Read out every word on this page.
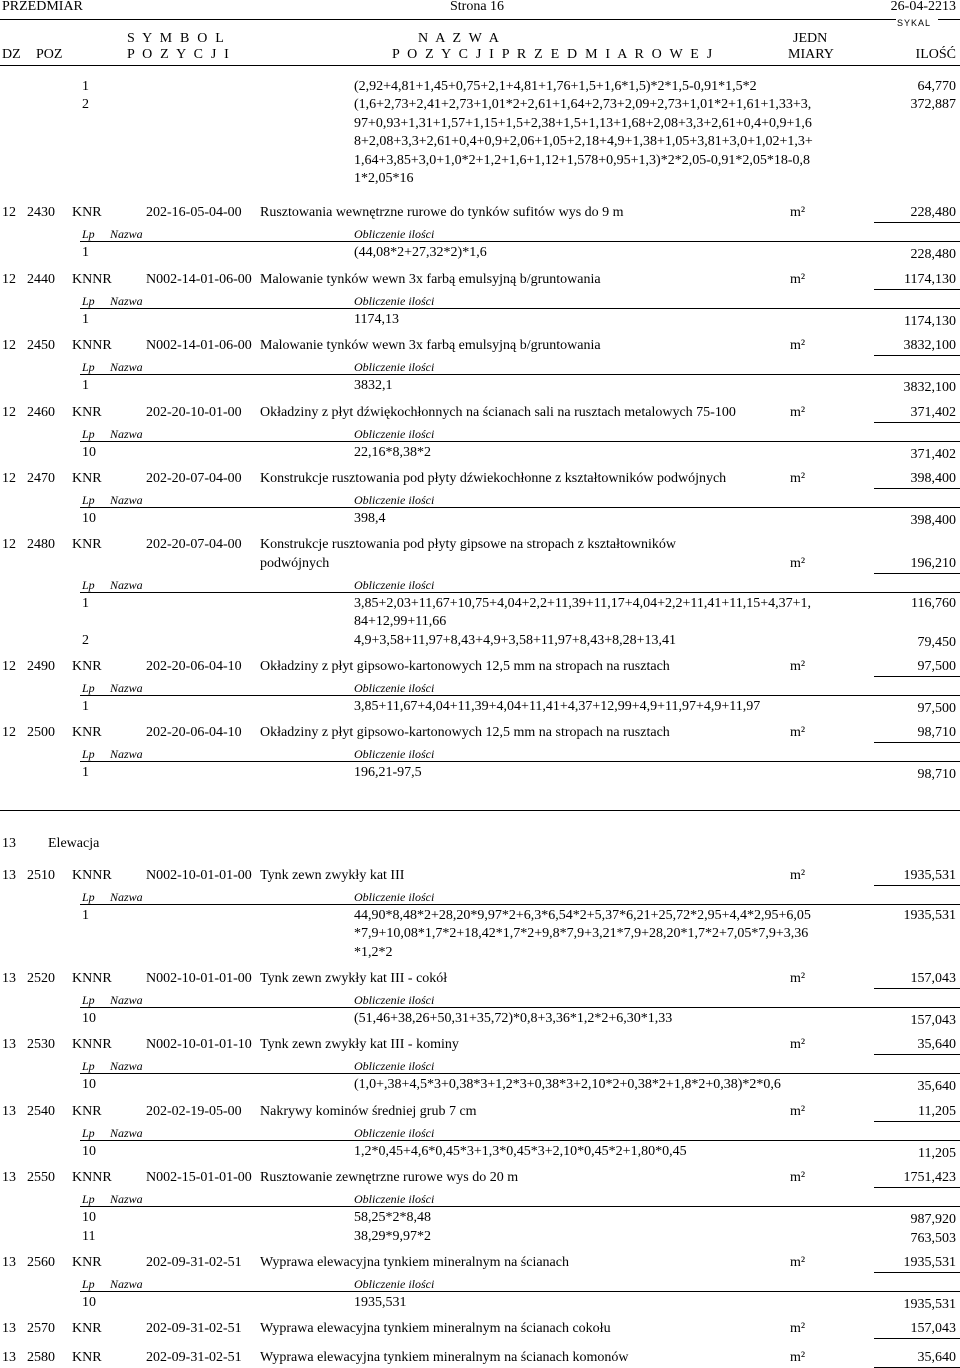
PRZEDMIAR	Strona 16	26-04-2213
SYKAL
S Y M B O L	N A Z W A	JEDN
DZ POZ	P O Z Y C J I	P O Z Y C J I P R Z E D M I A R O W E J	MIARY	ILOŚĆ
1	(2,92+4,81+1,45+0,75+2,1+4,81+1,76+1,5+1,6*1,5)*2*1,5-0,91*1,5*2	64,770
2	(1,6+2,73+2,41+2,73+1,01*2+2,61+1,64+2,73+2,09+2,73+1,01*2+1,61+1,33+3,
97+0,93+1,31+1,57+1,15+1,5+2,38+1,5+1,13+1,68+2,08+3,3+2,61+0,4+0,9+1,6
8+2,08+3,3+2,61+0,4+0,9+2,06+1,05+2,18+4,9+1,38+1,05+3,81+3,0+1,02+1,3+
1,64+3,85+3,0+1,0*2+1,2+1,6+1,12+1,578+0,95+1,3)*2*2,05-0,91*2,05*18-0,8
1*2,05*16
372,887
12 2430 KNR	202-16-05-04-00 Rusztowania wewnętrzne rurowe do tynków sufitów wys do 9 m	m²	228,480
Lp Nazwa	Obliczenie ilości
1	(44,08*2+27,32*2)*1,6	228,480
12 2440 KNNR N002-14-01-06-00 Malowanie tynków wewn 3x farbą emulsyjną b/gruntowania	m²	1174,130
Lp Nazwa	Obliczenie ilości
1	1174,13	1174,130
12 2450 KNNR N002-14-01-06-00 Malowanie tynków wewn 3x farbą emulsyjną b/gruntowania	m²	3832,100
Lp Nazwa	Obliczenie ilości
1	3832,1	3832,100
12 2460 KNR	202-20-10-01-00 Okładziny z płyt dźwiękochłonnych na ścianach sali na rusztach metalowych 75-100	m²	371,402
Lp Nazwa	Obliczenie ilości
10	22,16*8,38*2	371,402
12 2470 KNR	202-20-07-04-00 Konstrukcje rusztowania pod płyty dźwiekochłonne z kształtowników podwójnych	m²	398,400
Lp Nazwa	Obliczenie ilości
10	398,4	398,400
12 2480 KNR	202-20-07-04-00 Konstrukcje rusztowania pod płyty gipsowe na stropach z kształtowników
podwójnych	m²	196,210
Lp Nazwa	Obliczenie ilości
1	3,85+2,03+11,67+10,75+4,04+2,2+11,39+11,17+4,04+2,2+11,41+11,15+4,37+1,
84+12,99+11,66
116,760
2	4,9+3,58+11,97+8,43+4,9+3,58+11,97+8,43+8,28+13,41	79,450
12 2490 KNR	202-20-06-04-10 Okładziny z płyt gipsowo-kartonowych 12,5 mm na stropach na rusztach	m²	97,500
Lp Nazwa	Obliczenie ilości
1	3,85+11,67+4,04+11,39+4,04+11,41+4,37+12,99+4,9+11,97+4,9+11,97	97,500
12 2500 KNR	202-20-06-04-10 Okładziny z płyt gipsowo-kartonowych 12,5 mm na stropach na rusztach	m²	98,710
Lp Nazwa	Obliczenie ilości
1	196,21-97,5	98,710
13 Elewacja
13 2510 KNNR N002-10-01-01-00 Tynk zewn zwykły kat III	m²	1935,531
Lp Nazwa	Obliczenie ilości
1	44,90*8,48*2+28,20*9,97*2+6,3*6,54*2+5,37*6,21+25,72*2,95+4,4*2,95+6,05
*7,9+10,08*1,7*2+18,42*1,7*2+9,8*7,9+3,21*7,9+28,20*1,7*2+7,05*7,9+3,36
*1,2*2
1935,531
13 2520 KNNR N002-10-01-01-00 Tynk zewn zwykły kat III - cokół	m²	157,043
Lp Nazwa	Obliczenie ilości
10	(51,46+38,26+50,31+35,72)*0,8+3,36*1,2*2+6,30*1,33	157,043
13 2530 KNNR N002-10-01-01-10 Tynk zewn zwykły kat III - kominy	m²	35,640
Lp Nazwa	Obliczenie ilości
10	(1,0+,38+4,5*3+0,38*3+1,2*3+0,38*3+2,10*2+0,38*2+1,8*2+0,38)*2*0,6	35,640
13 2540 KNR	202-02-19-05-00 Nakrywy kominów średniej grub 7 cm	m²	11,205
Lp Nazwa	Obliczenie ilości
10	1,2*0,45+4,6*0,45*3+1,3*0,45*3+2,10*0,45*2+1,80*0,45	11,205
13 2550 KNNR N002-15-01-01-00 Rusztowanie zewnętrzne rurowe wys do 20 m	m²	1751,423
Lp Nazwa	Obliczenie ilości
10	58,25*2*8,48	987,920
11	38,29*9,97*2	763,503
13 2560 KNR	202-09-31-02-51 Wyprawa elewacyjna tynkiem mineralnym na ścianach	m²	1935,531
Lp Nazwa	Obliczenie ilości
10	1935,531	1935,531
13 2570 KNR	202-09-31-02-51 Wyprawa elewacyjna tynkiem mineralnym na ścianach cokołu	m²	157,043
13 2580 KNR	202-09-31-02-51 Wyprawa elewacyjna tynkiem mineralnym na ścianach komonów	m²	35,640
